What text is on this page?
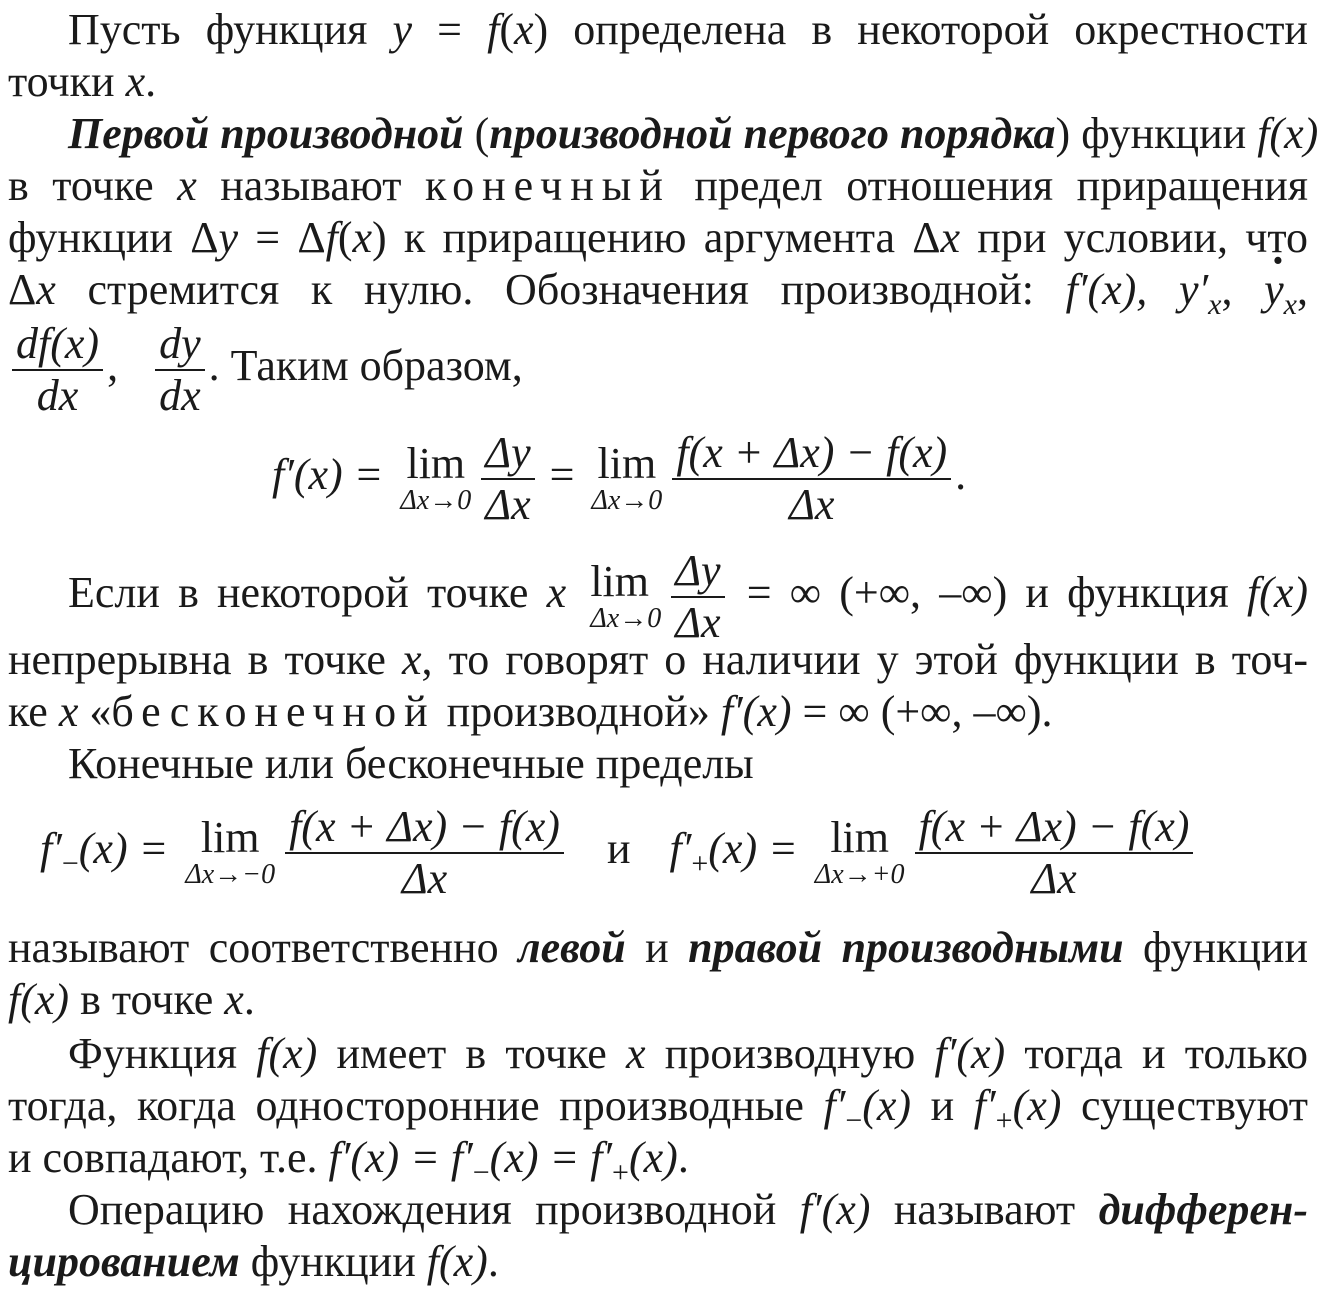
Пусть функция y = f(x) определена в некоторой окрестности
точки x.
Первой производной (производной первого порядка) функции f(x)
в точке x называют конечный предел отношения приращения
функции Δy = Δf(x) к приращению аргумента Δx при условии, что
Δx стремится к нулю. Обозначения производной: f′(x), $y'_x$, · $y_x$,
$\frac{df(x)}{dx}$ , $\frac{dy}{dx}$ . Таким образом,
f′(x) = lim
$\Delta x\to 0 \frac{\Delta y}{\Delta x} = \lim$
$\Delta x\to 0 \frac{f(x + \Delta x) - f(x)}{\Delta x}$ .
Если в некоторой точке x lim
$\Delta x\to 0 \frac{\Delta y}{\Delta x}$ = ∞ (+∞, –∞) и функция f(x)
непрерывна в точке x, то говорят о наличии у этой функции в точ-
ке x «бесконечной производной» f′(x) = ∞ (+∞, –∞).
Конечные или бесконечные пределы
$f'_-(x) = \lim$
$\Delta x\to-0 \frac{f(x + \Delta x) - f(x)}{\Delta x}$ и $f'_+(x) = \lim$
$\Delta x\to+0 \frac{f(x + \Delta x) - f(x)}{\Delta x}$
называют соответственно левой и правой производными функции
f(x) в точке x.
Функция f(x) имеет в точке x производную f′(x) тогда и только
тогда, когда односторонние производные $f'_-(x)$ и $f'_+(x)$ существуют
и совпадают, т.е. $f'(x) = f'_-(x) = f'_+(x)$.
Операцию нахождения производной f′(x) называют дифферен-
цированием функции f(x).
